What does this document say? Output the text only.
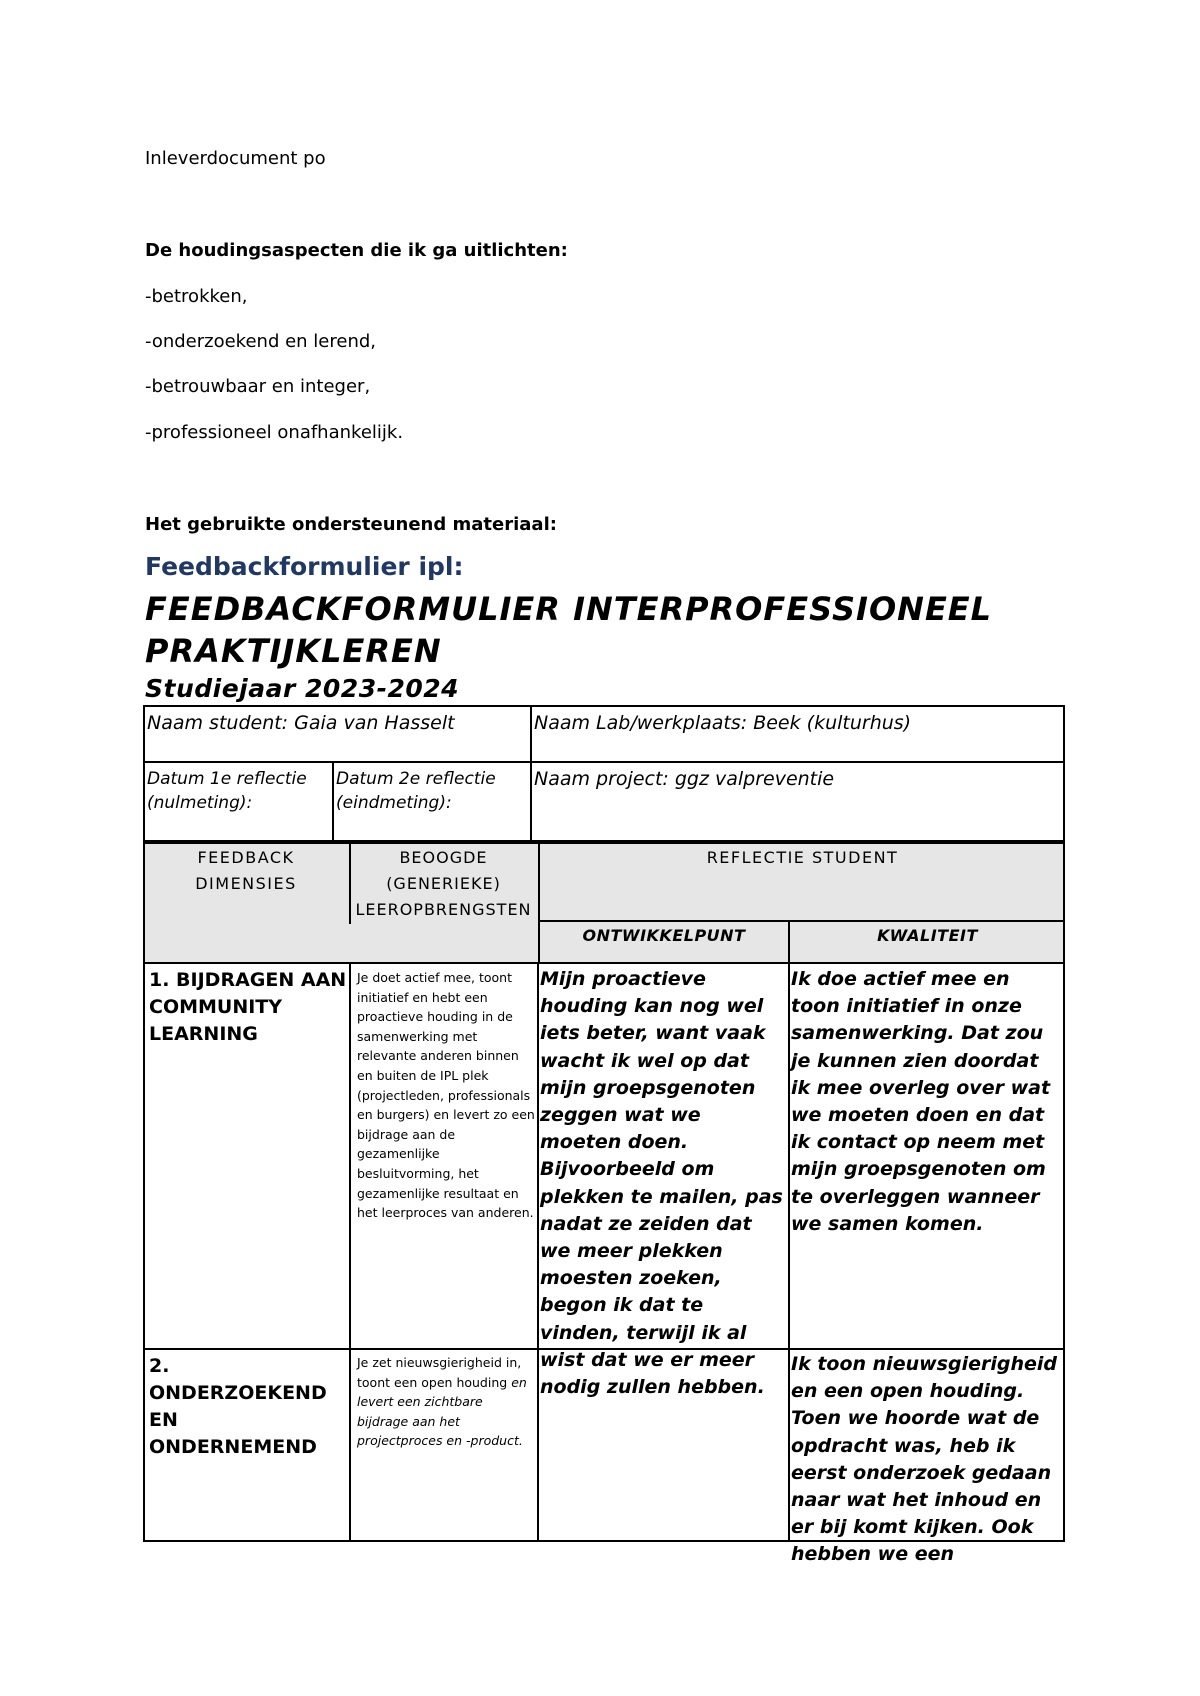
Inleverdocument po
De houdingsaspecten die ik ga uitlichten:
-betrokken,
-onderzoekend en lerend,
-betrouwbaar en integer,
-professioneel onafhankelijk.
Het gebruikte ondersteunend materiaal:
Feedbackformulier ipl:
FEEDBACKFORMULIER INTERPROFESSIONEEL PRAKTIJKLEREN
Studiejaar 2023-2024
Naam student: Gaia van Hasselt	Naam Lab/werkplaats: Beek (kulturhus)
Datum 1e reflectie (nulmeting):
Datum 2e reflectie (eindmeting):
Naam project: ggz valpreventie
FEEDBACK DIMENSIES
BEOOGDE (GENERIEKE) LEEROPBRENGSTEN
REFLECTIE STUDENT
ONTWIKKELPUNT	KWALITEIT
1. BIJDRAGEN AAN COMMUNITY LEARNING
Je doet actief mee, toont initiatief en hebt een proactieve houding in de samenwerking met relevante anderen binnen en buiten de IPL plek (projectleden, professionals en burgers) en levert zo een bijdrage aan de gezamenlijke besluitvorming, het gezamenlijke resultaat en het leerproces van anderen.
Mijn proactieve houding kan nog wel iets beter, want vaak wacht ik wel op dat mijn groepsgenoten zeggen wat we moeten doen. Bijvoorbeeld om plekken te mailen, pas nadat ze zeiden dat we meer plekken moesten zoeken, begon ik dat te vinden, terwijl ik al wist dat we er meer nodig zullen hebben.
Ik doe actief mee en toon initiatief in onze samenwerking. Dat zou je kunnen zien doordat ik mee overleg over wat we moeten doen en dat ik contact op neem met mijn groepsgenoten om te overleggen wanneer we samen komen.
2. ONDERZOEKEND EN ONDERNEMEND
Je zet nieuwsgierigheid in, toont een open houding en levert een zichtbare bijdrage aan het projectproces en -product.
Ik toon nieuwsgierigheid en een open houding. Toen we hoorde wat de opdracht was, heb ik eerst onderzoek gedaan naar wat het inhoud en er bij komt kijken. Ook hebben we een
